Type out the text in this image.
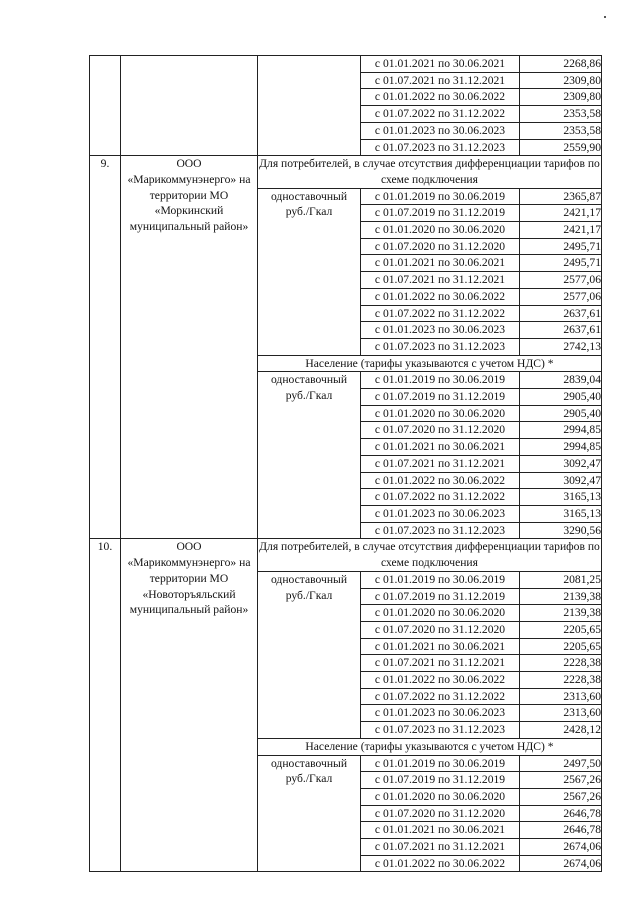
			с 01.01.2021 по 30.06.2021	2268,86
			с 01.07.2021 по 31.12.2021	2309,80
			с 01.01.2022 по 30.06.2022	2309,80
			с 01.07.2022 по 31.12.2022	2353,58
			с 01.01.2023 по 30.06.2023	2353,58
			с 01.07.2023 по 31.12.2023	2559,90
9.	ООО «Марикоммунэнерго» на территории МО «Моркинский муниципальный район»	Для потребителей, в случае отсутствия дифференциации тарифов по схеме подключения		

		одноставочный руб./Гкал	с 01.01.2019 по 30.06.2019	2365,87
			с 01.07.2019 по 31.12.2019	2421,17
			с 01.01.2020 по 30.06.2020	2421,17
			с 01.07.2020 по 31.12.2020	2495,71
			с 01.01.2021 по 30.06.2021	2495,71
			с 01.07.2021 по 31.12.2021	2577,06
			с 01.01.2022 по 30.06.2022	2577,06
			с 01.07.2022 по 31.12.2022	2637,61
			с 01.01.2023 по 30.06.2023	2637,61
			с 01.07.2023 по 31.12.2023	2742,13
		Население (тарифы указываются с учетом НДС) *		
		одноставочный руб./Гкал	с 01.01.2019 по 30.06.2019	2839,04
			с 01.07.2019 по 31.12.2019	2905,40
			с 01.01.2020 по 30.06.2020	2905,40
			с 01.07.2020 по 31.12.2020	2994,85
			с 01.01.2021 по 30.06.2021	2994,85
			с 01.07.2021 по 31.12.2021	3092,47
			с 01.01.2022 по 30.06.2022	3092,47
			с 01.07.2022 по 31.12.2022	3165,13
			с 01.01.2023 по 30.06.2023	3165,13
			с 01.07.2023 по 31.12.2023	3290,56
10.	ООО «Марикоммунэнерго» на территории МО «Новоторъяльский муниципальный район»	Для потребителей, в случае отсутствия дифференциации тарифов по схеме подключения		

		одноставочный руб./Гкал	с 01.01.2019 по 30.06.2019	2081,25
			с 01.07.2019 по 31.12.2019	2139,38
			с 01.01.2020 по 30.06.2020	2139,38
			с 01.07.2020 по 31.12.2020	2205,65
			с 01.01.2021 по 30.06.2021	2205,65
			с 01.07.2021 по 31.12.2021	2228,38
			с 01.01.2022 по 30.06.2022	2228,38
			с 01.07.2022 по 31.12.2022	2313,60
			с 01.01.2023 по 30.06.2023	2313,60
			с 01.07.2023 по 31.12.2023	2428,12
		Население (тарифы указываются с учетом НДС) *		
		одноставочный руб./Гкал	с 01.01.2019 по 30.06.2019	2497,50
			с 01.07.2019 по 31.12.2019	2567,26
			с 01.01.2020 по 30.06.2020	2567,26
			с 01.07.2020 по 31.12.2020	2646,78
			с 01.01.2021 по 30.06.2021	2646,78
			с 01.07.2021 по 31.12.2021	2674,06
			с 01.01.2022 по 30.06.2022	2674,06
